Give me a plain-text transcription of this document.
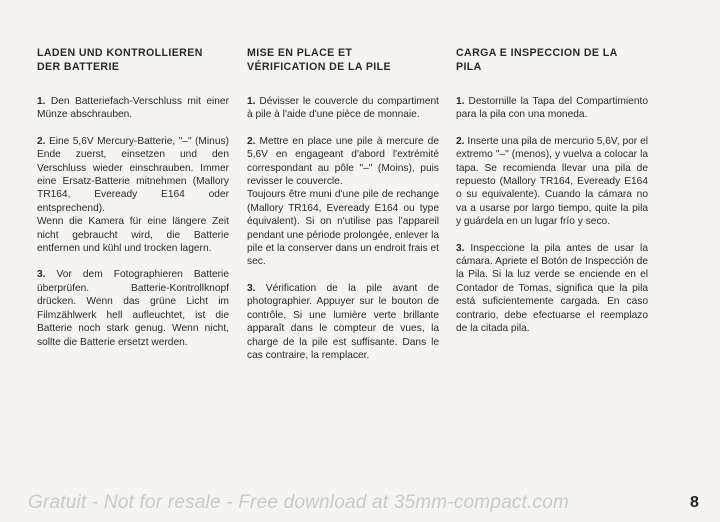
LADEN UND KONTROLLIEREN
DER BATTERIE

1. Den Batteriefach-Verschluss mit einer Münze abschrauben.

2. Eine 5,6V Mercury-Batterie, "–" (Minus) Ende zuerst, einsetzen und den Verschluss wieder einschrauben. Immer eine Ersatz-Batterie mitnehmen (Mallory TR164, Eveready E164 oder entsprechend).
Wenn die Kamera für eine längere Zeit nicht gebraucht wird, die Batterie entfernen und kühl und trocken lagern.

3. Vor dem Fotographieren Batterie überprüfen. Batterie-Kontrollknopf drücken. Wenn das grüne Licht im Filmzählwerk hell aufleuchtet, ist die Batterie noch stark genug. Wenn nicht, sollte die Batterie ersetzt werden.

MISE EN PLACE ET
VÉRIFICATION DE LA PILE

1. Dévisser le couvercle du compartiment à pile à l'aide d'une pièce de monnaie.

2. Mettre en place une pile à mercure de 5,6V en engageant d'abord l'extrémité correspondant au pôle "–" (Moins), puis revisser le couvercle.
Toujours être muni d'une pile de rechange (Mallory TR164, Eveready E164 ou type équivalent). Si on n'utilise pas l'appareil pendant une période prolongée, enlever la pile et la conserver dans un endroit frais et sec.

3. Vérification de la pile avant de photographier. Appuyer sur le bouton de contrôle. Si une lumière verte brillante apparaît dans le compteur de vues, la charge de la pile est suffisante. Dans le cas contraire, la remplacer.

CARGA E INSPECCION DE LA
PILA

1. Destornille la Tapa del Compartimiento para la pila con una moneda.

2. Inserte una pila de mercurio 5,6V, por el extremo "–" (menos), y vuelva a colocar la tapa. Se recomienda llevar una pila de repuesto (Mallory TR164, Eveready E164 o su equivalente). Cuando la cámara no va a usarse por largo tiempo, quite la pila y guárdela en un lugar frío y seco.

3. Inspeccione la pila antes de usar la cámara. Apriete el Botón de Inspección de la Pila. Si la luz verde se enciende en el Contador de Tomas, significa que la pila está suficientemente cargada. En caso contrario, debe efectuarse el reemplazo de la citada pila.

Gratuit - Not for resale - Free download at 35mm-compact.com	8
